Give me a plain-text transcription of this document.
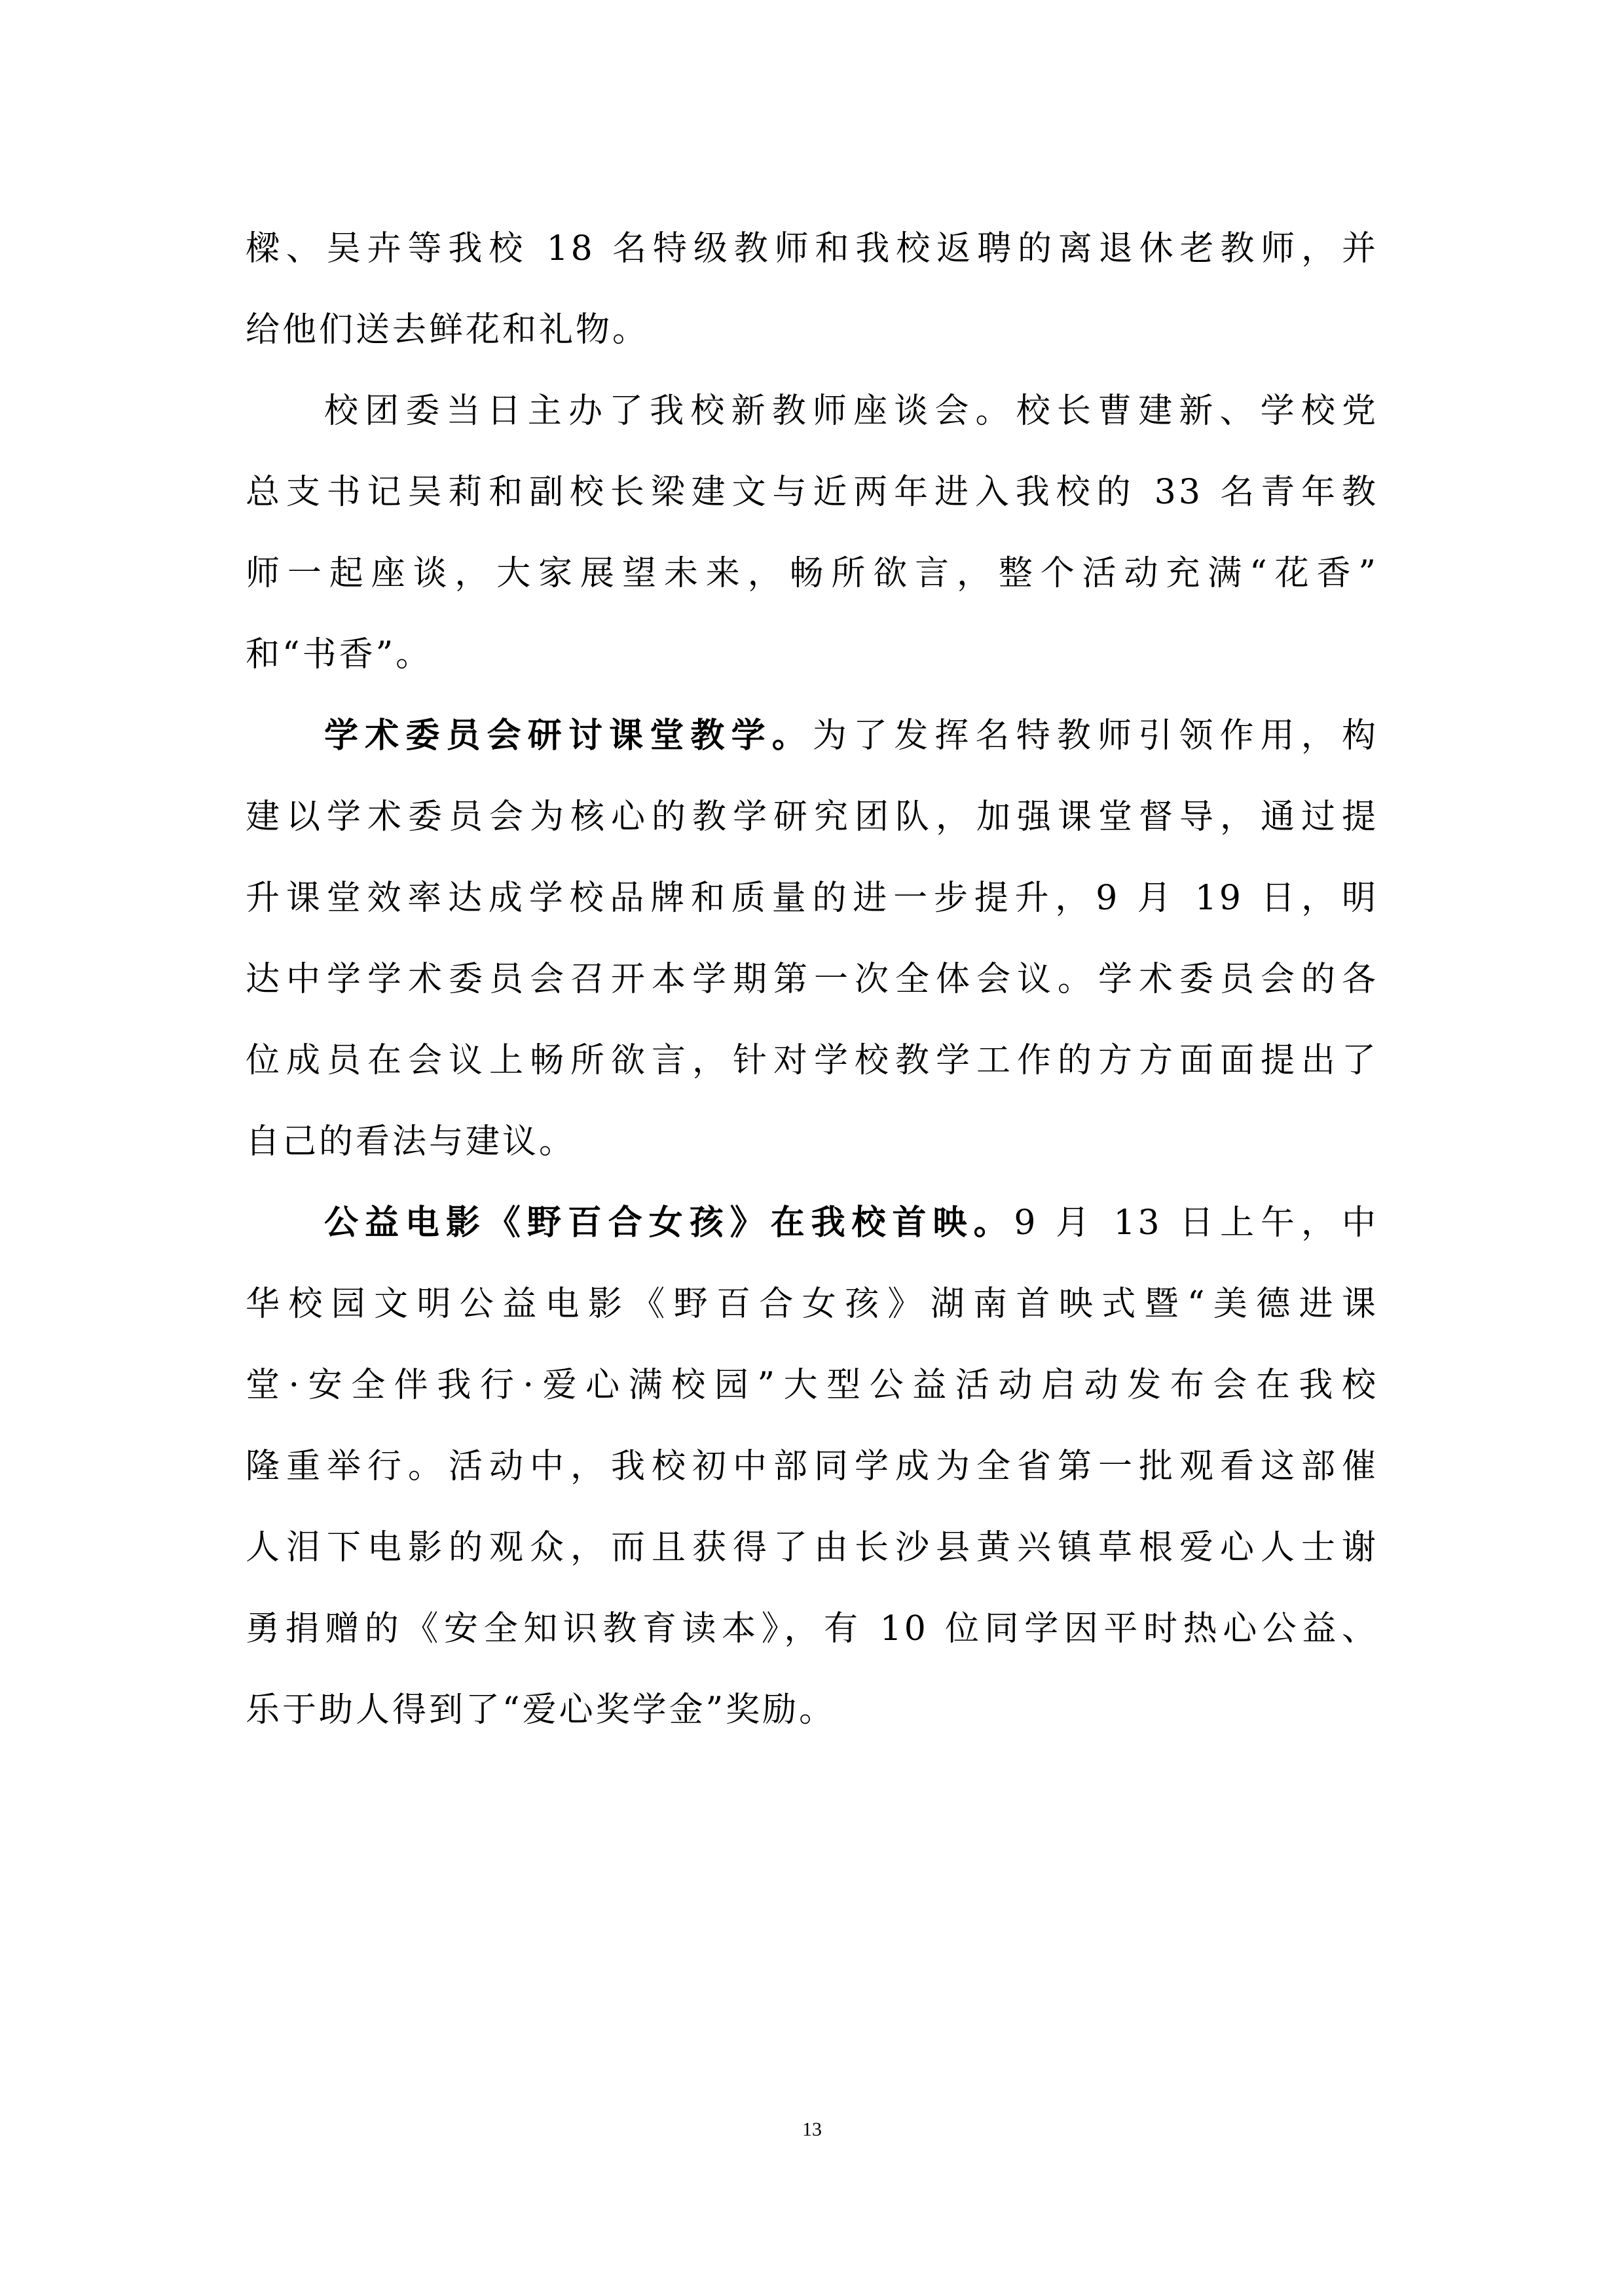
樑、吴卉等我校 18 名特级教师和我校返聘的离退休老教师，并
给他们送去鲜花和礼物。
校团委当日主办了我校新教师座谈会。校长曹建新、学校党
总支书记吴莉和副校长梁建文与近两年进入我校的 33 名青年教
师一起座谈，大家展望未来，畅所欲言，整个活动充满“花香”
和“书香”。
学术委员会研讨课堂教学。为了发挥名特教师引领作用，构
建以学术委员会为核心的教学研究团队，加强课堂督导，通过提
升课堂效率达成学校品牌和质量的进一步提升，9 月 19 日，明
达中学学术委员会召开本学期第一次全体会议。学术委员会的各
位成员在会议上畅所欲言，针对学校教学工作的方方面面提出了
自己的看法与建议。
公益电影《野百合女孩》在我校首映。9 月 13 日上午，中
华校园文明公益电影《野百合女孩》湖南首映式暨“美德进课
堂·安全伴我行·爱心满校园”大型公益活动启动发布会在我校
隆重举行。活动中，我校初中部同学成为全省第一批观看这部催
人泪下电影的观众，而且获得了由长沙县黄兴镇草根爱心人士谢
勇捐赠的《安全知识教育读本》，有 10 位同学因平时热心公益、
乐于助人得到了“爱心奖学金”奖励。
13
